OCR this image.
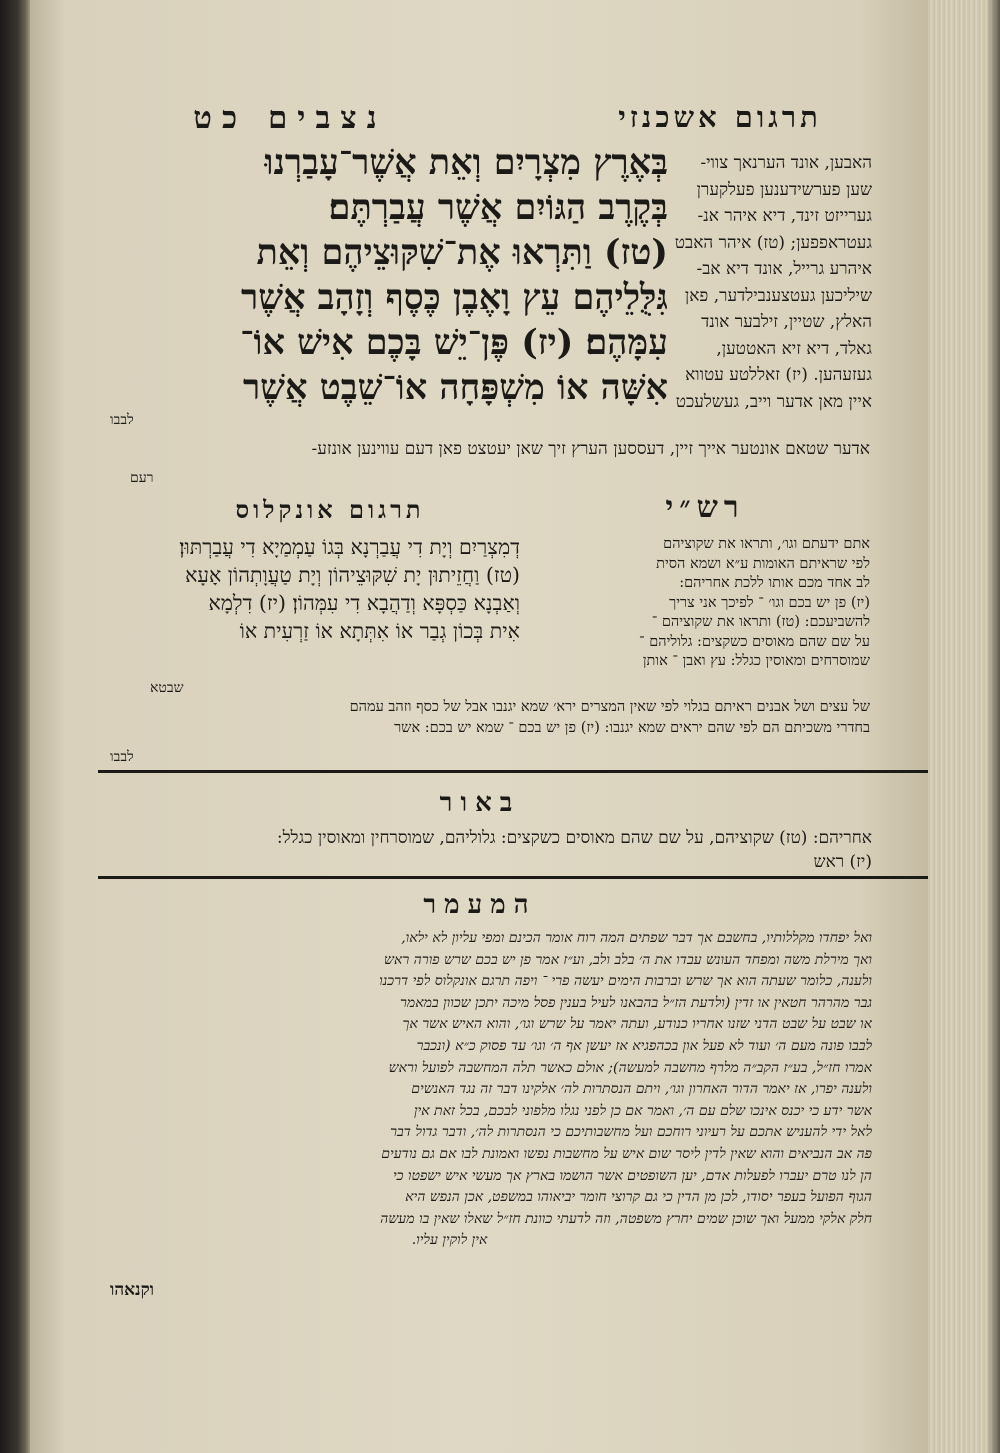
תרגום אשכנזי
נצבים כט

האבען, אונד הערנאך צווי-

שען פערשידענען פעלקערן

גערייזט זינד, דיא איהר אנ-

געטראפפען; (טז) איהר האבט

איהרע גרייל, אונד דיא אב-

שיליכען געטצענבילדער, פאן

האלץ, שטיין, זילבער אונד

גאלד, דיא זיא האטטען,

געזעהען. (יז) זאללטע עטווא

איין מאן אדער וייב, געשלעכט

בְּאֶרֶץ מִצְרָיִם וְאֵת אֲשֶׁר־עָבַרְנוּ

בְּקֶרֶב הַגּוֹיִם אֲשֶׁר עֲבַרְתֶּם׃

(טז) וַתִּרְאוּ אֶת־שִׁקּוּצֵיהֶם וְאֵת

גִּלֻּלֵיהֶם עֵץ וָאֶבֶן כֶּסֶף וְזָהָב אֲשֶׁר

עִמָּהֶם׃ (יז) פֶּן־יֵשׁ בָּכֶם אִישׁ אוֹ־

אִשָּׁה אוֹ מִשְׁפָּחָה אוֹ־שֵׁבֶט אֲשֶׁר

לבבו
אדער שטאם אונטער אייך זיין, דעססען הערץ זיך שאן יעטצט פאן דעם עווינען אונזע-
רעם
רש״י
תרגום אונקלוס

אתם ידעתם וגו׳, ותראו את שקוציהם

לפי שראיתם האומות ע״א ושמא הסית

לב אחד מכם אותו ללכת אחריהם:

(יז) פן יש בכם וגו׳ ־ לפיכך אני צריך

להשביעכם: (טז) ותראו את שקוציהם ־

על שם שהם מאוסים כשקצים: גלוליהם ־

שמוסרחים ומאוסין כגלל: עץ ואבן ־ אותן

דְמִצְרַיִם וְיָת דִי עֲבַרְנָא בְּגוֹ עַמְמַיָא דִי עֲבַרְתּוּן׃

(טז) וַחֲזֵיתוּן יָת שִׁקּוּצֵיהוֹן וְיָת טַעֲוָתְהוֹן אָעָא

וְאַבְנָא כַּסְפָּא וְדַהֲבָא דִי עִמְּהוֹן׃ (יז) דִלְמָא

אִית בְּכוֹן גְבַר אוֹ אִתְּתָא אוֹ זַרְעִית אוֹ

שבטא

של עצים ושל אבנים ראיתם בגלוי לפי שאין המצרים ירא׳ שמא יגנבו אבל של כסף וזהב עמהם

בחדרי משכיתם הם לפי שהם יראים שמא יגנבו: (יז) פן יש בכם ־ שמא יש בכם: אשר

לבבו
באור

אחריהם: (טז) שקוציהם, על שם שהם מאוסים כשקצים: גלוליהם, שמוסרחין ומאוסין כגלל:

(יז) ראש

המעמר

ואל יפחדו מקללותיו, בחשבם אך דבר שפתים המה רוח אומר הכינם ומפי עליון לא ילאו,

ואך מירלת משה ומפחד העונש עבדו את ה׳ בלב ולב, וע״ז אמר פן יש בכם שרש פורה ראש

ולענה, כלומר שעתה הוא אך שרש וברבות הימים יעשה פרי ־ ויפה תרגם אונקלוס לפי דרכנו

גבר מהרהר חטאין או זדין (ולדעת הז״ל בהבאנו לעיל בענין פסל מיכה יתכן שכוון במאמר

או שבט על שבט הדני שזנו אחריו כנודע, ועתה יאמר על שרש וגו׳, והוא האיש אשר אך

לבבו פונה מעם ה׳ ועוד לא פעל און בכהפגיא אז יעשן אף ה׳ וגו׳ עד פסוק כ״א (ונכבר

אמרו חז״ל, בע״ז הקב״ה מלרף מחשבה למעשה); אולם כאשר תלה המחשבה לפועל וראש

ולענה יפרו, אז יאמר הדור האחרון וגו׳, ויתם הנסתרות לה׳ אלקינו דבר זה נגד האנשים

אשר ידע כי יכנס אינכו שלם עם ה׳, ואמר אם כן לפני נגלו מלפוני לבכם, בכל זאת אין

לאל ידי להעניש אתכם על רעיוני רוחכם ועל מחשבותיכם כי הנסתרות לה׳, ודבר גדול דבר

פה אב הנביאים והוא שאין לדין ליסר שום איש על מחשבות נפשו ואמונת לבו אם גם נודעים

הן לנו טרם יעברו לפעלות אדם, יען השופטים אשר הושמו בארץ אך מעשי איש ישפטו כי

הגוף הפועל בעפר יסודו, לכן מן הדין כי גם קרוצי חומר יביאוהו במשפט, אכן הנפש היא

חלק אלקי ממעל ואך שוכן שמים יחרץ משפטה, וזה לדעתי כוונת חז״ל שאלו שאין בו מעשה

אין לוקין עליו.

וקנאהו
